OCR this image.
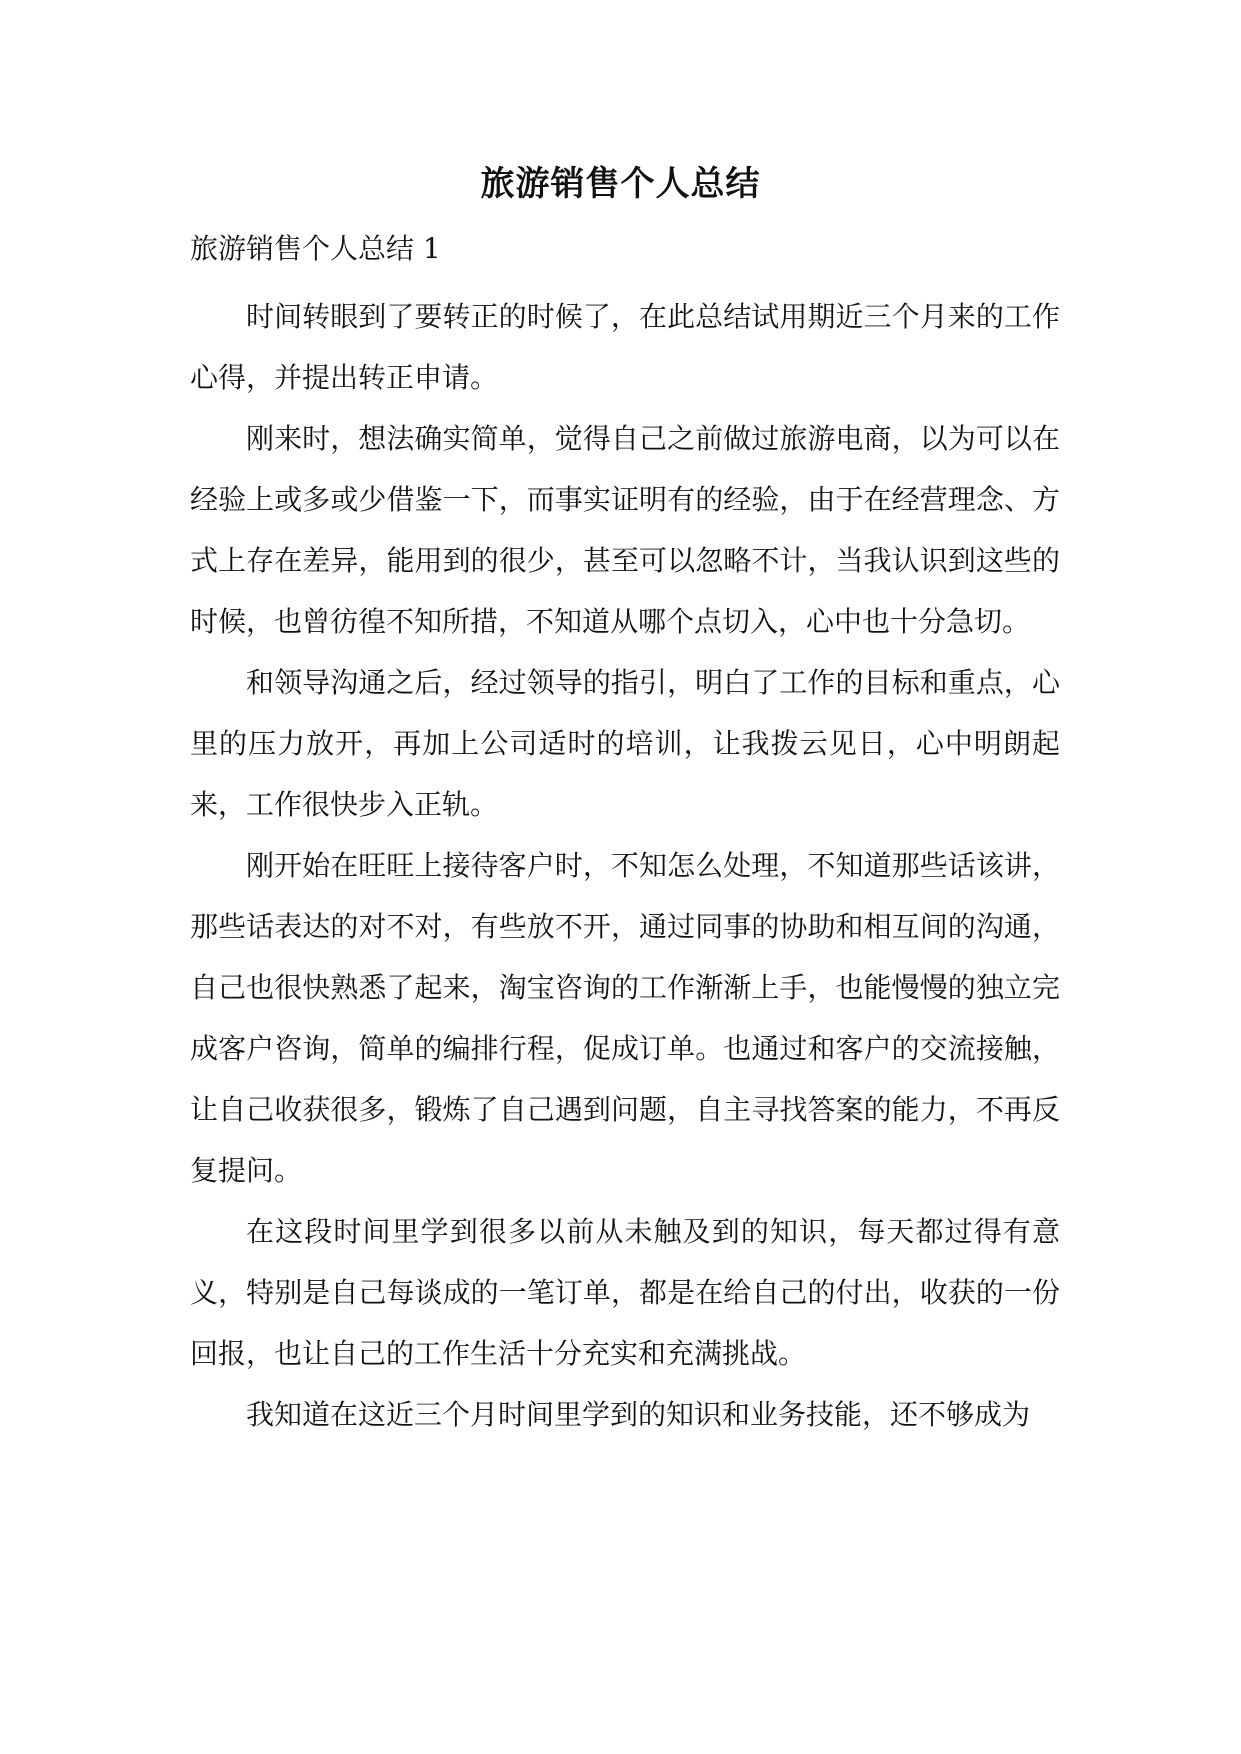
旅游销售个人总结
旅游销售个人总结 1

时间转眼到了要转正的时候了，在此总结试用期近三个月来的工作心得，并提出转正申请。

刚来时，想法确实简单，觉得自己之前做过旅游电商，以为可以在经验上或多或少借鉴一下，而事实证明有的经验，由于在经营理念、方式上存在差异，能用到的很少，甚至可以忽略不计，当我认识到这些的时候，也曾彷徨不知所措，不知道从哪个点切入，心中也十分急切。

和领导沟通之后，经过领导的指引，明白了工作的目标和重点，心里的压力放开，再加上公司适时的培训，让我拨云见日，心中明朗起来，工作很快步入正轨。

刚开始在旺旺上接待客户时，不知怎么处理，不知道那些话该讲，那些话表达的对不对，有些放不开，通过同事的协助和相互间的沟通，自己也很快熟悉了起来，淘宝咨询的工作渐渐上手，也能慢慢的独立完成客户咨询，简单的编排行程，促成订单。也通过和客户的交流接触，让自己收获很多，锻炼了自己遇到问题，自主寻找答案的能力，不再反复提问。

在这段时间里学到很多以前从未触及到的知识，每天都过得有意义，特别是自己每谈成的一笔订单，都是在给自己的付出，收获的一份回报，也让自己的工作生活十分充实和充满挑战。

我知道在这近三个月时间里学到的知识和业务技能，还不够成为
